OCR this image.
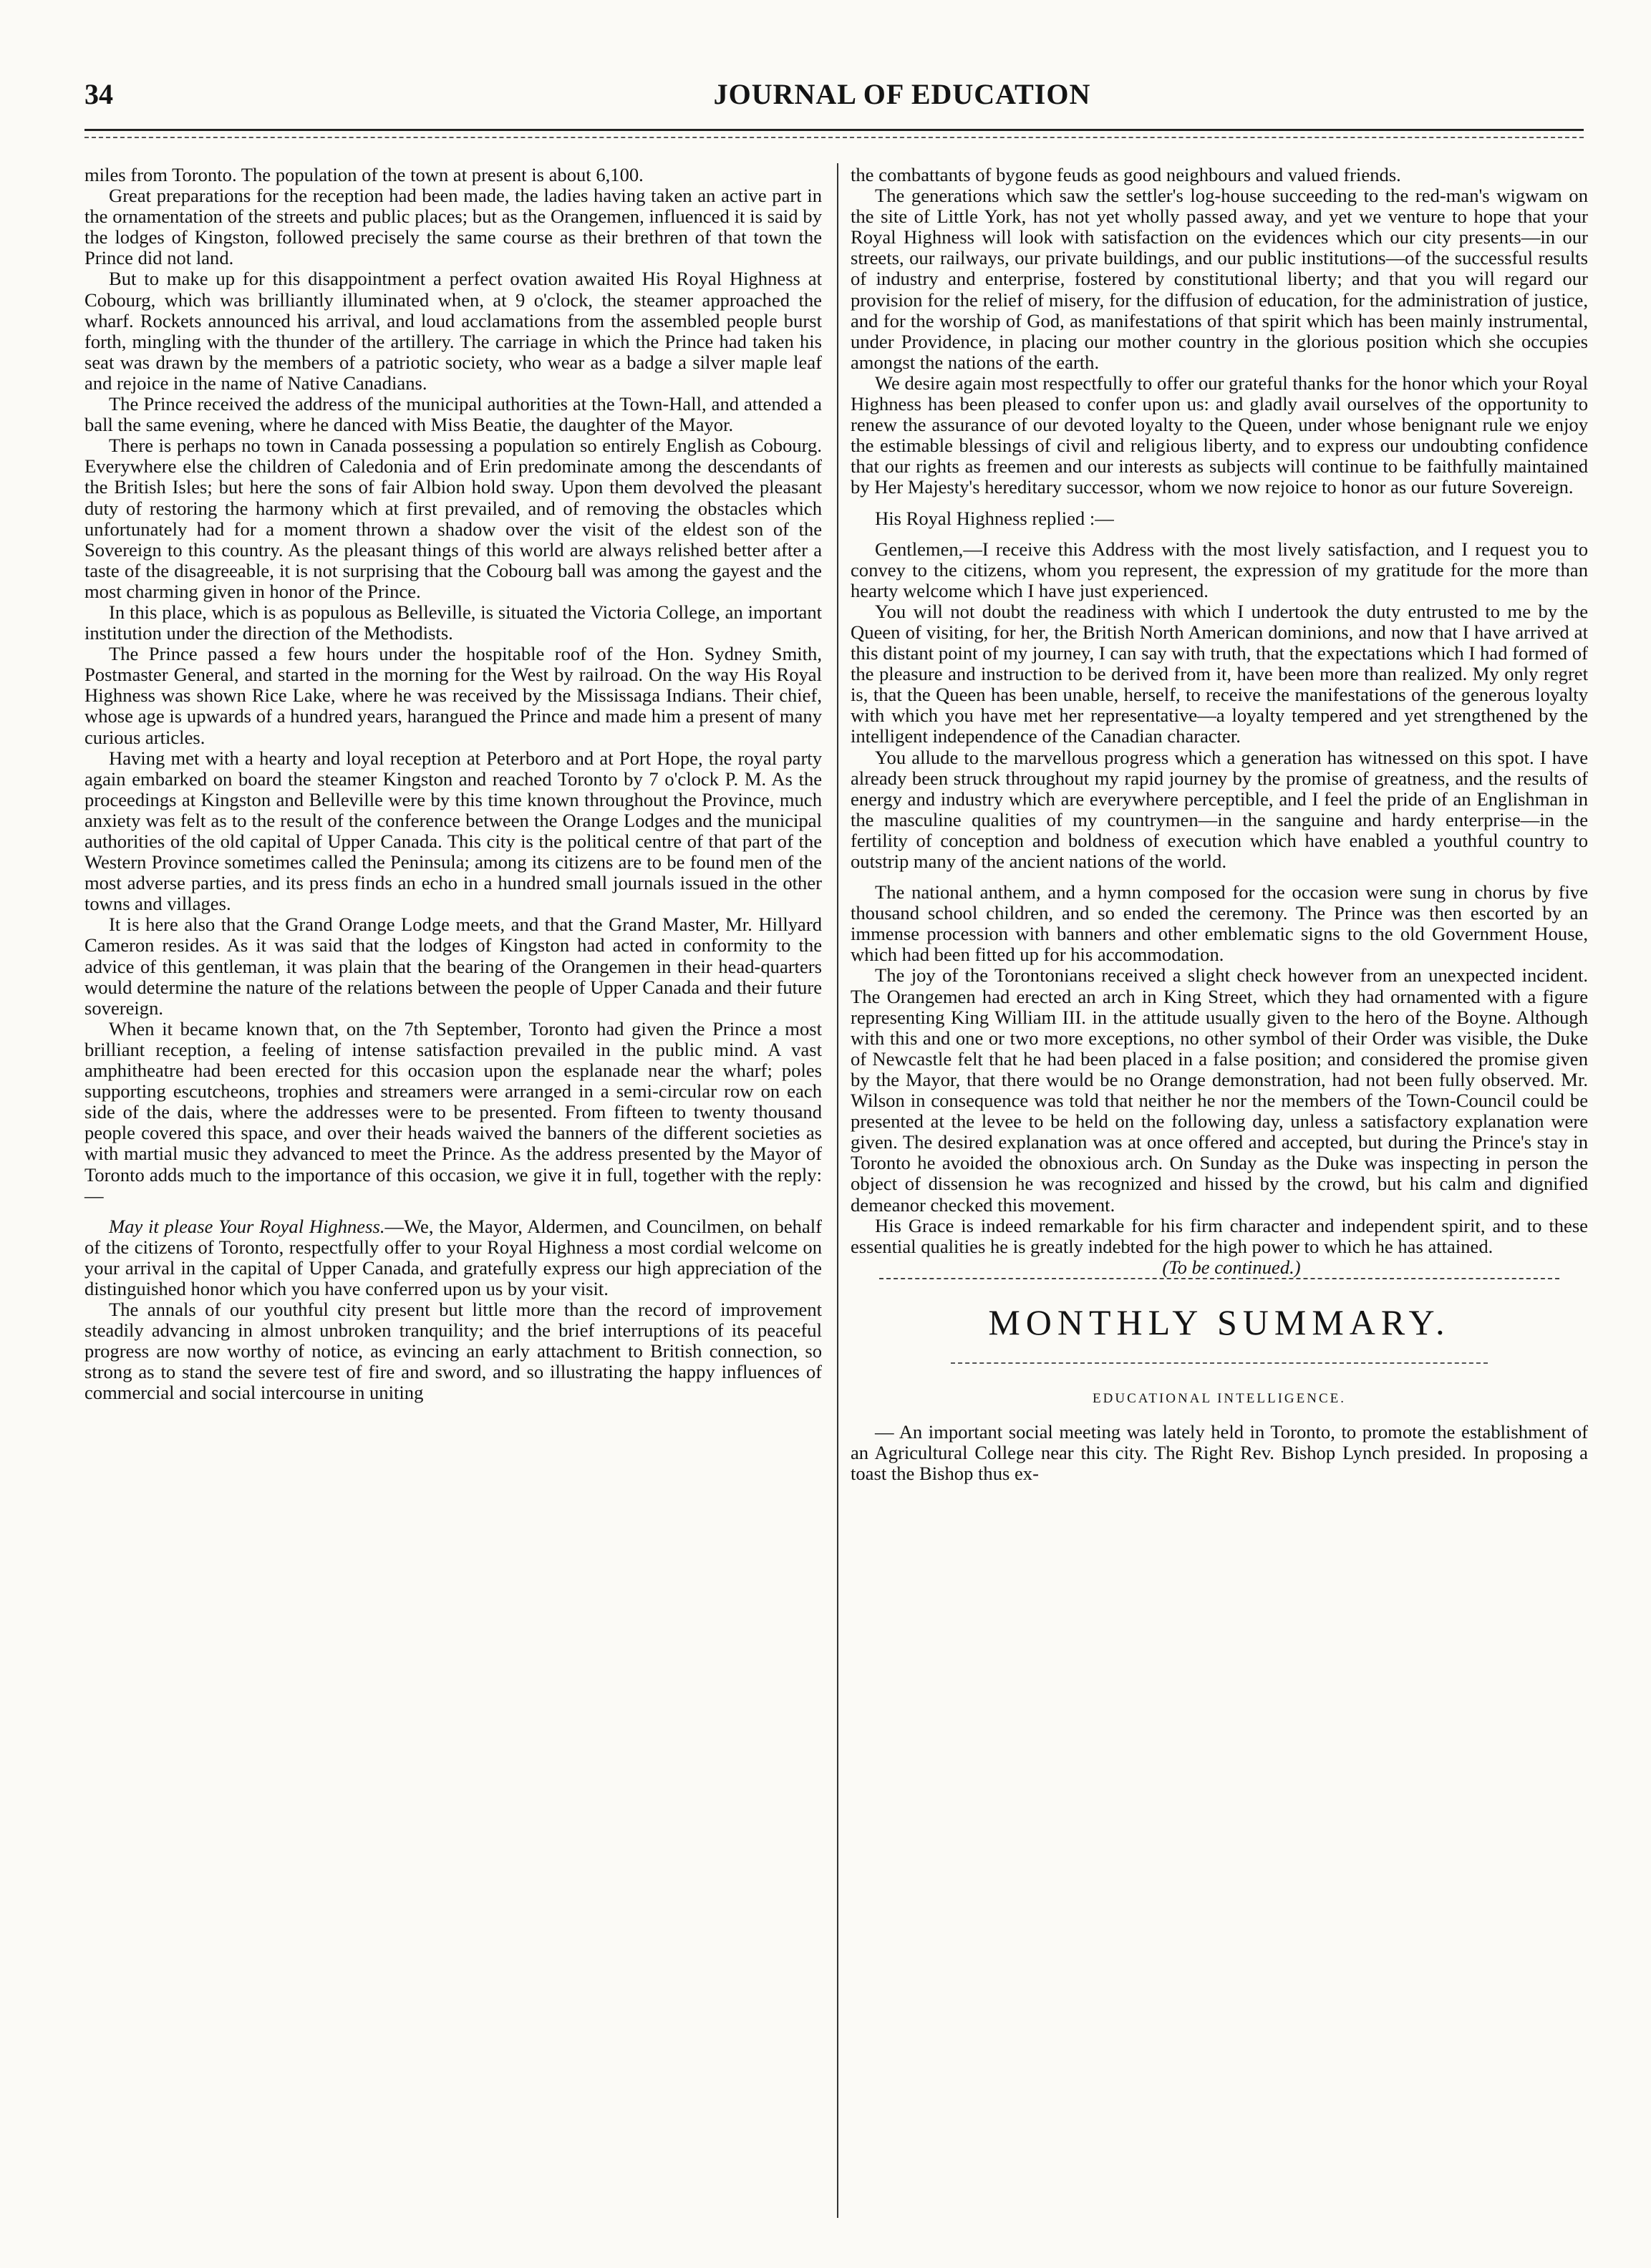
34	JOURNAL OF EDUCATION

miles from Toronto. The population of the town at present is about 6,100.

Great preparations for the reception had been made, the ladies having taken an active part in the ornamentation of the streets and public places; but as the Orangemen, influenced it is said by the lodges of Kingston, followed precisely the same course as their brethren of that town the Prince did not land.

But to make up for this disappointment a perfect ovation awaited His Royal Highness at Cobourg, which was brilliantly illuminated when, at 9 o'clock, the steamer approached the wharf. Rockets announced his arrival, and loud acclamations from the assembled people burst forth, mingling with the thunder of the artillery. The carriage in which the Prince had taken his seat was drawn by the members of a patriotic society, who wear as a badge a silver maple leaf and rejoice in the name of Native Canadians.

The Prince received the address of the municipal authorities at the Town-Hall, and attended a ball the same evening, where he danced with Miss Beatie, the daughter of the Mayor.

There is perhaps no town in Canada possessing a population so entirely English as Cobourg. Everywhere else the children of Caledonia and of Erin predominate among the descendants of the British Isles; but here the sons of fair Albion hold sway. Upon them devolved the pleasant duty of restoring the harmony which at first prevailed, and of removing the obstacles which unfortunately had for a moment thrown a shadow over the visit of the eldest son of the Sovereign to this country. As the pleasant things of this world are always relished better after a taste of the disagreeable, it is not surprising that the Cobourg ball was among the gayest and the most charming given in honor of the Prince.

In this place, which is as populous as Belleville, is situated the Victoria College, an important institution under the direction of the Methodists.

The Prince passed a few hours under the hospitable roof of the Hon. Sydney Smith, Postmaster General, and started in the morning for the West by railroad. On the way His Royal Highness was shown Rice Lake, where he was received by the Mississaga Indians. Their chief, whose age is upwards of a hundred years, harangued the Prince and made him a present of many curious articles.

Having met with a hearty and loyal reception at Peterboro and at Port Hope, the royal party again embarked on board the steamer Kingston and reached Toronto by 7 o'clock P. M. As the proceedings at Kingston and Belleville were by this time known throughout the Province, much anxiety was felt as to the result of the conference between the Orange Lodges and the municipal authorities of the old capital of Upper Canada. This city is the political centre of that part of the Western Province sometimes called the Peninsula; among its citizens are to be found men of the most adverse parties, and its press finds an echo in a hundred small journals issued in the other towns and villages.

It is here also that the Grand Orange Lodge meets, and that the Grand Master, Mr. Hillyard Cameron resides. As it was said that the lodges of Kingston had acted in conformity to the advice of this gentleman, it was plain that the bearing of the Orangemen in their head-quarters would determine the nature of the relations between the people of Upper Canada and their future sovereign.

When it became known that, on the 7th September, Toronto had given the Prince a most brilliant reception, a feeling of intense satisfaction prevailed in the public mind. A vast amphitheatre had been erected for this occasion upon the esplanade near the wharf; poles supporting escutcheons, trophies and streamers were arranged in a semi-circular row on each side of the dais, where the addresses were to be presented. From fifteen to twenty thousand people covered this space, and over their heads waived the banners of the different societies as with martial music they advanced to meet the Prince. As the address presented by the Mayor of Toronto adds much to the importance of this occasion, we give it in full, together with the reply:—

May it please Your Royal Highness.—We, the Mayor, Aldermen, and Councilmen, on behalf of the citizens of Toronto, respectfully offer to your Royal Highness a most cordial welcome on your arrival in the capital of Upper Canada, and gratefully express our high appreciation of the distinguished honor which you have conferred upon us by your visit.

The annals of our youthful city present but little more than the record of improvement steadily advancing in almost unbroken tranquility; and the brief interruptions of its peaceful progress are now worthy of notice, as evincing an early attachment to British connection, so strong as to stand the severe test of fire and sword, and so illustrating the happy influences of commercial and social intercourse in uniting

the combattants of bygone feuds as good neighbours and valued friends.

The generations which saw the settler's log-house succeeding to the red-man's wigwam on the site of Little York, has not yet wholly passed away, and yet we venture to hope that your Royal Highness will look with satisfaction on the evidences which our city presents—in our streets, our railways, our private buildings, and our public institutions—of the successful results of industry and enterprise, fostered by constitutional liberty; and that you will regard our provision for the relief of misery, for the diffusion of education, for the administration of justice, and for the worship of God, as manifestations of that spirit which has been mainly instrumental, under Providence, in placing our mother country in the glorious position which she occupies amongst the nations of the earth.

We desire again most respectfully to offer our grateful thanks for the honor which your Royal Highness has been pleased to confer upon us: and gladly avail ourselves of the opportunity to renew the assurance of our devoted loyalty to the Queen, under whose benignant rule we enjoy the estimable blessings of civil and religious liberty, and to express our undoubting confidence that our rights as freemen and our interests as subjects will continue to be faithfully maintained by Her Majesty's hereditary successor, whom we now rejoice to honor as our future Sovereign.

His Royal Highness replied :—

Gentlemen,—I receive this Address with the most lively satisfaction, and I request you to convey to the citizens, whom you represent, the expression of my gratitude for the more than hearty welcome which I have just experienced.

You will not doubt the readiness with which I undertook the duty entrusted to me by the Queen of visiting, for her, the British North American dominions, and now that I have arrived at this distant point of my journey, I can say with truth, that the expectations which I had formed of the pleasure and instruction to be derived from it, have been more than realized. My only regret is, that the Queen has been unable, herself, to receive the manifestations of the generous loyalty with which you have met her representative—a loyalty tempered and yet strengthened by the intelligent independence of the Canadian character.

You allude to the marvellous progress which a generation has witnessed on this spot. I have already been struck throughout my rapid journey by the promise of greatness, and the results of energy and industry which are everywhere perceptible, and I feel the pride of an Englishman in the masculine qualities of my countrymen—in the sanguine and hardy enterprise—in the fertility of conception and boldness of execution which have enabled a youthful country to outstrip many of the ancient nations of the world.

The national anthem, and a hymn composed for the occasion were sung in chorus by five thousand school children, and so ended the ceremony. The Prince was then escorted by an immense procession with banners and other emblematic signs to the old Government House, which had been fitted up for his accommodation.

The joy of the Torontonians received a slight check however from an unexpected incident. The Orangemen had erected an arch in King Street, which they had ornamented with a figure representing King William III. in the attitude usually given to the hero of the Boyne. Although with this and one or two more exceptions, no other symbol of their Order was visible, the Duke of Newcastle felt that he had been placed in a false position; and considered the promise given by the Mayor, that there would be no Orange demonstration, had not been fully observed. Mr. Wilson in consequence was told that neither he nor the members of the Town-Council could be presented at the levee to be held on the following day, unless a satisfactory explanation were given. The desired explanation was at once offered and accepted, but during the Prince's stay in Toronto he avoided the obnoxious arch. On Sunday as the Duke was inspecting in person the object of dissension he was recognized and hissed by the crowd, but his calm and dignified demeanor checked this movement.

His Grace is indeed remarkable for his firm character and independent spirit, and to these essential qualities he is greatly indebted for the high power to which he has attained.

(To be continued.)

MONTHLY SUMMARY.
EDUCATIONAL INTELLIGENCE.

— An important social meeting was lately held in Toronto, to promote the establishment of an Agricultural College near this city. The Right Rev. Bishop Lynch presided. In proposing a toast the Bishop thus ex-
